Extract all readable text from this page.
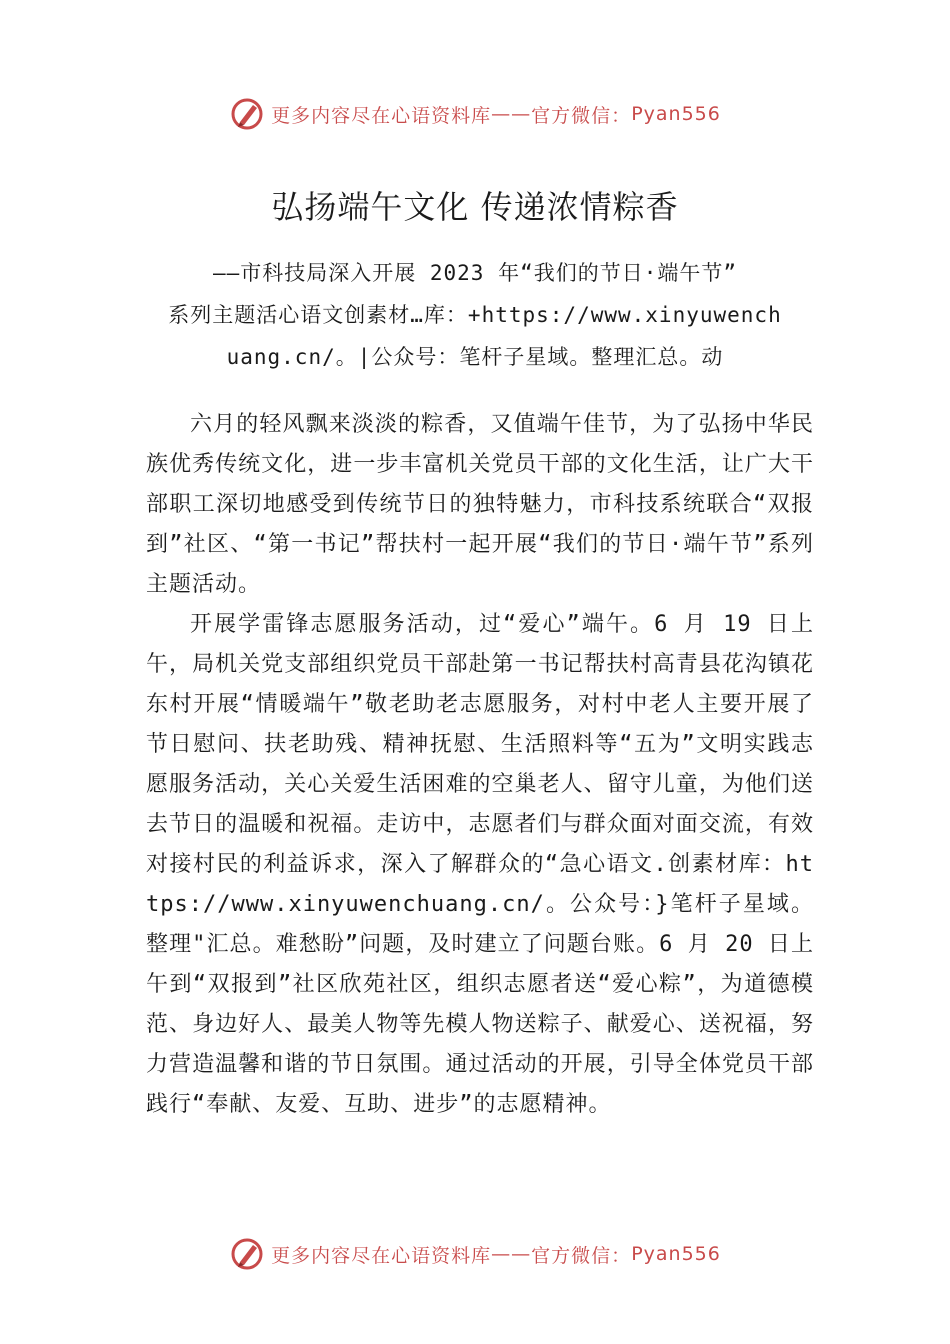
更多内容尽在心语资料库 —— 官方微信： Pyan556
弘扬端午文化 传递浓情粽香
——市科技局深入开展 2023 年“我们的节日·端午节”
系列主题活心语文创素材…库：+https://www.xinyuwench
uang.cn/。|公众号：笔杆子星域。整理汇总。动

六月的轻风飘来淡淡的粽香，又值端午佳节，为了弘扬中华民族优秀传统文化，进一步丰富机关党员干部的文化生活，让广大干部职工深切地感受到传统节日的独特魅力，市科技系统联合“双报到”社区、“第一书记”帮扶村一起开展“我们的节日·端午节”系列主题活动。

开展学雷锋志愿服务活动，过“爱心”端午。6 月 19 日上午，局机关党支部组织党员干部赴第一书记帮扶村高青县花沟镇花东村开展“情暖端午”敬老助老志愿服务，对村中老人主要开展了节日慰问、扶老助残、精神抚慰、生活照料等“五为”文明实践志愿服务活动，关心关爱生活困难的空巢老人、留守儿童，为他们送去节日的温暖和祝福。走访中，志愿者们与群众面对面交流，有效对接村民的利益诉求，深入了解群众的“急心语文.创素材库：https://www.xinyuwenchuang.cn/。公众号：}笔杆子星域。整理"汇总。难愁盼”问题，及时建立了问题台账。6 月 20 日上午到“双报到”社区欣苑社区，组织志愿者送“爱心粽”，为道德模范、身边好人、最美人物等先模人物送粽子、献爱心、送祝福，努力营造温馨和谐的节日氛围。通过活动的开展，引导全体党员干部践行“奉献、友爱、互助、进步”的志愿精神。

更多内容尽在心语资料库 —— 官方微信： Pyan556
